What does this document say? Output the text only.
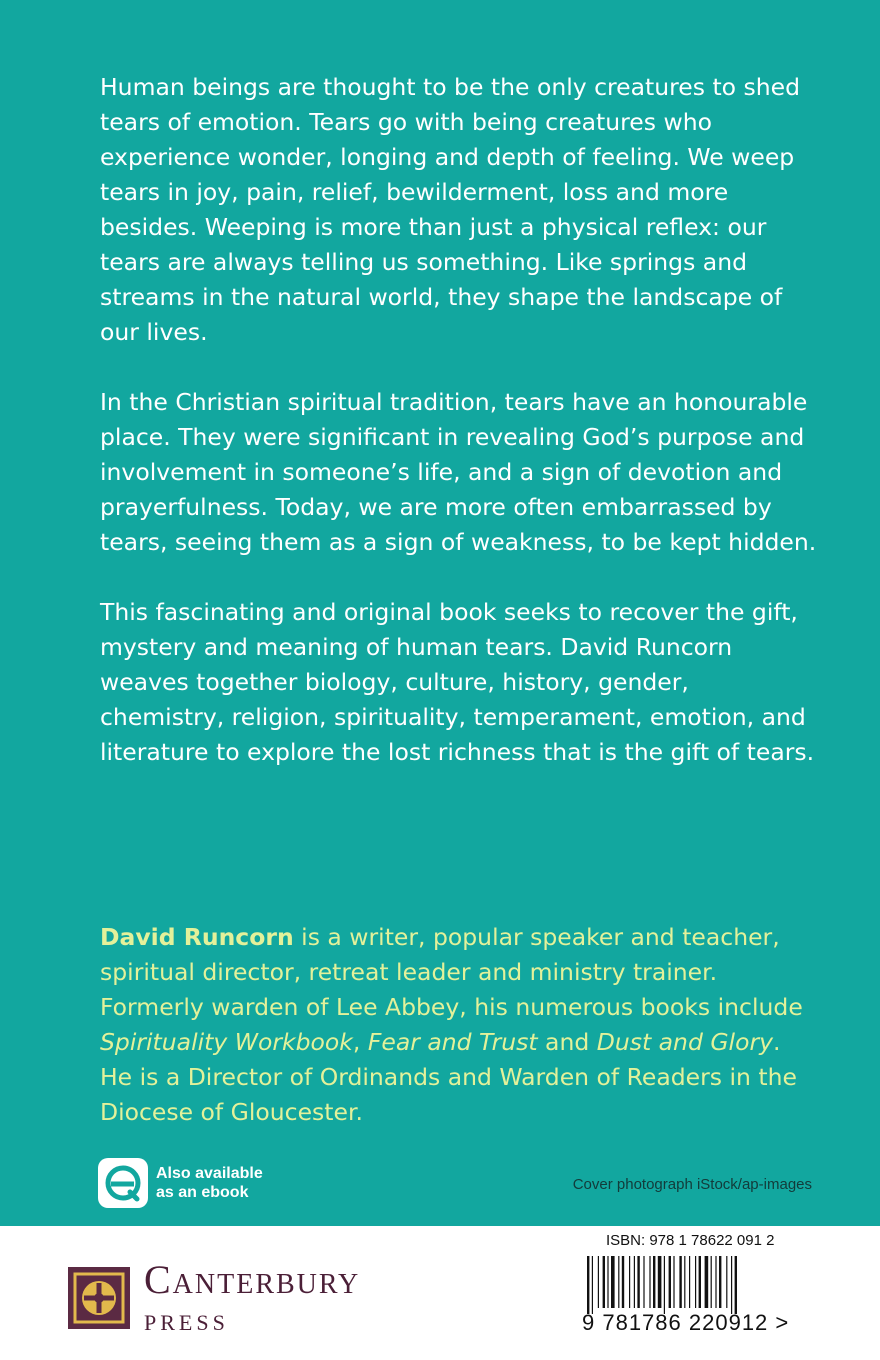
Human beings are thought to be the only creatures to shed tears of emotion. Tears go with being creatures who experience wonder, longing and depth of feeling. We weep tears in joy, pain, relief, bewilderment, loss and more besides. Weeping is more than just a physical reflex: our tears are always telling us something. Like springs and streams in the natural world, they shape the landscape of our lives.

In the Christian spiritual tradition, tears have an honourable place. They were significant in revealing God’s purpose and involvement in someone’s life, and a sign of devotion and prayerfulness. Today, we are more often embarrassed by tears, seeing them as a sign of weakness, to be kept hidden.

This fascinating and original book seeks to recover the gift, mystery and meaning of human tears. David Runcorn weaves together biology, culture, history, gender, chemistry, religion, spirituality, temperament, emotion, and literature to explore the lost richness that is the gift of tears.

David Runcorn is a writer, popular speaker and teacher, spiritual director, retreat leader and ministry trainer. Formerly warden of Lee Abbey, his numerous books include Spirituality Workbook, Fear and Trust and Dust and Glory. He is a Director of Ordinands and Warden of Readers in the Diocese of Gloucester.
Also available
as an ebook	Cover photograph iStock/ap-images
Canterbury
PRESS
ISBN: 978 1 78622 091 2
9 781786 220912 >
